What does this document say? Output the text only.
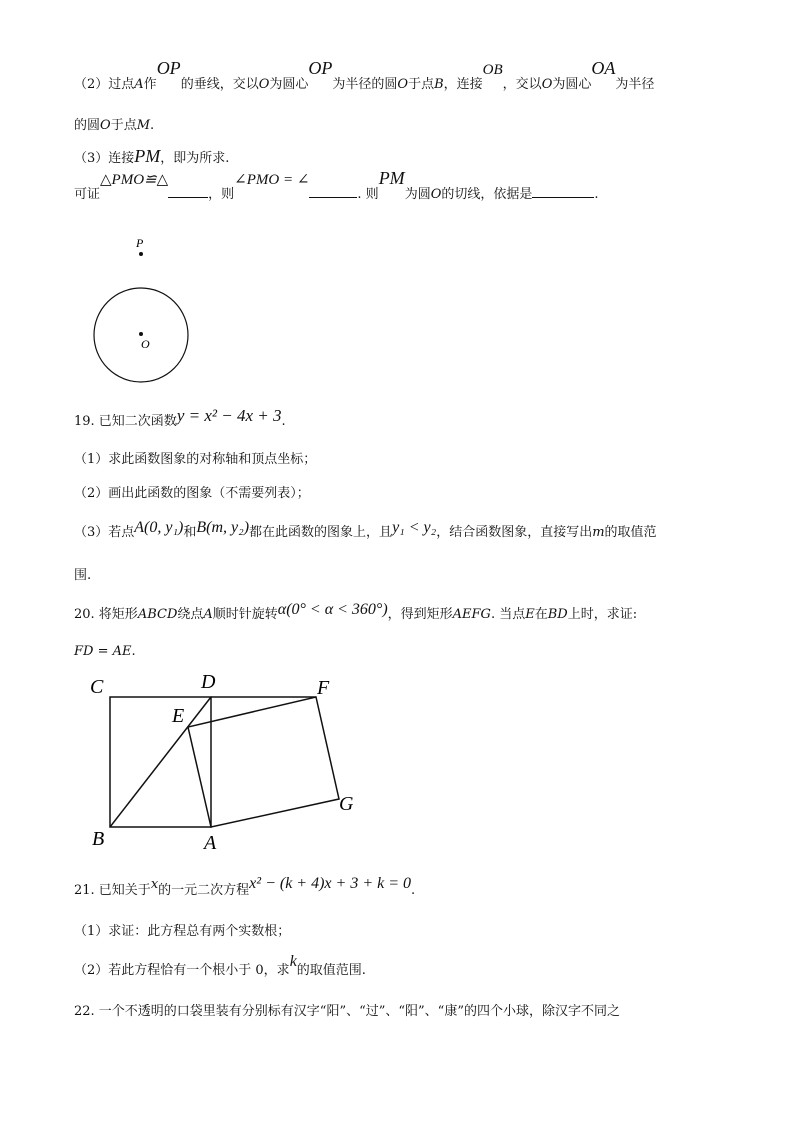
（2）过点A作OP的垂线，交以O为圆心OP为半径的圆O于点B，连接OB，交以O为圆心OA为半径
的圆O于点M.
（3）连接PM，即为所求.
可证△PMO≌△，则∠PMO = ∠. 则PM为圆O的切线，依据是	.
P
O
19. 已知二次函数y = x² − 4x + 3.
（1）求此函数图象的对称轴和顶点坐标；
（2）画出此函数的图象（不需要列表）；
（3）若点A(0, y₁)和B(m, y₂)都在此函数的图象上，且y₁ < y₂，结合函数图象，直接写出m的取值范
围.
20. 将矩形ABCD绕点A顺时针旋转α(0° < α < 360°)，得到矩形AEFG. 当点E在BD上时，求证:
FD = AE.
C	D	F
E
G
B	A
21. 已知关于x的一元二次方程x² − (k + 4)x + 3 + k = 0.
（1）求证：此方程总有两个实数根；
（2）若此方程恰有一个根小于 0，求k的取值范围.
22. 一个不透明的口袋里装有分别标有汉字“阳”、“过”、“阳”、“康”的四个小球，除汉字不同之
